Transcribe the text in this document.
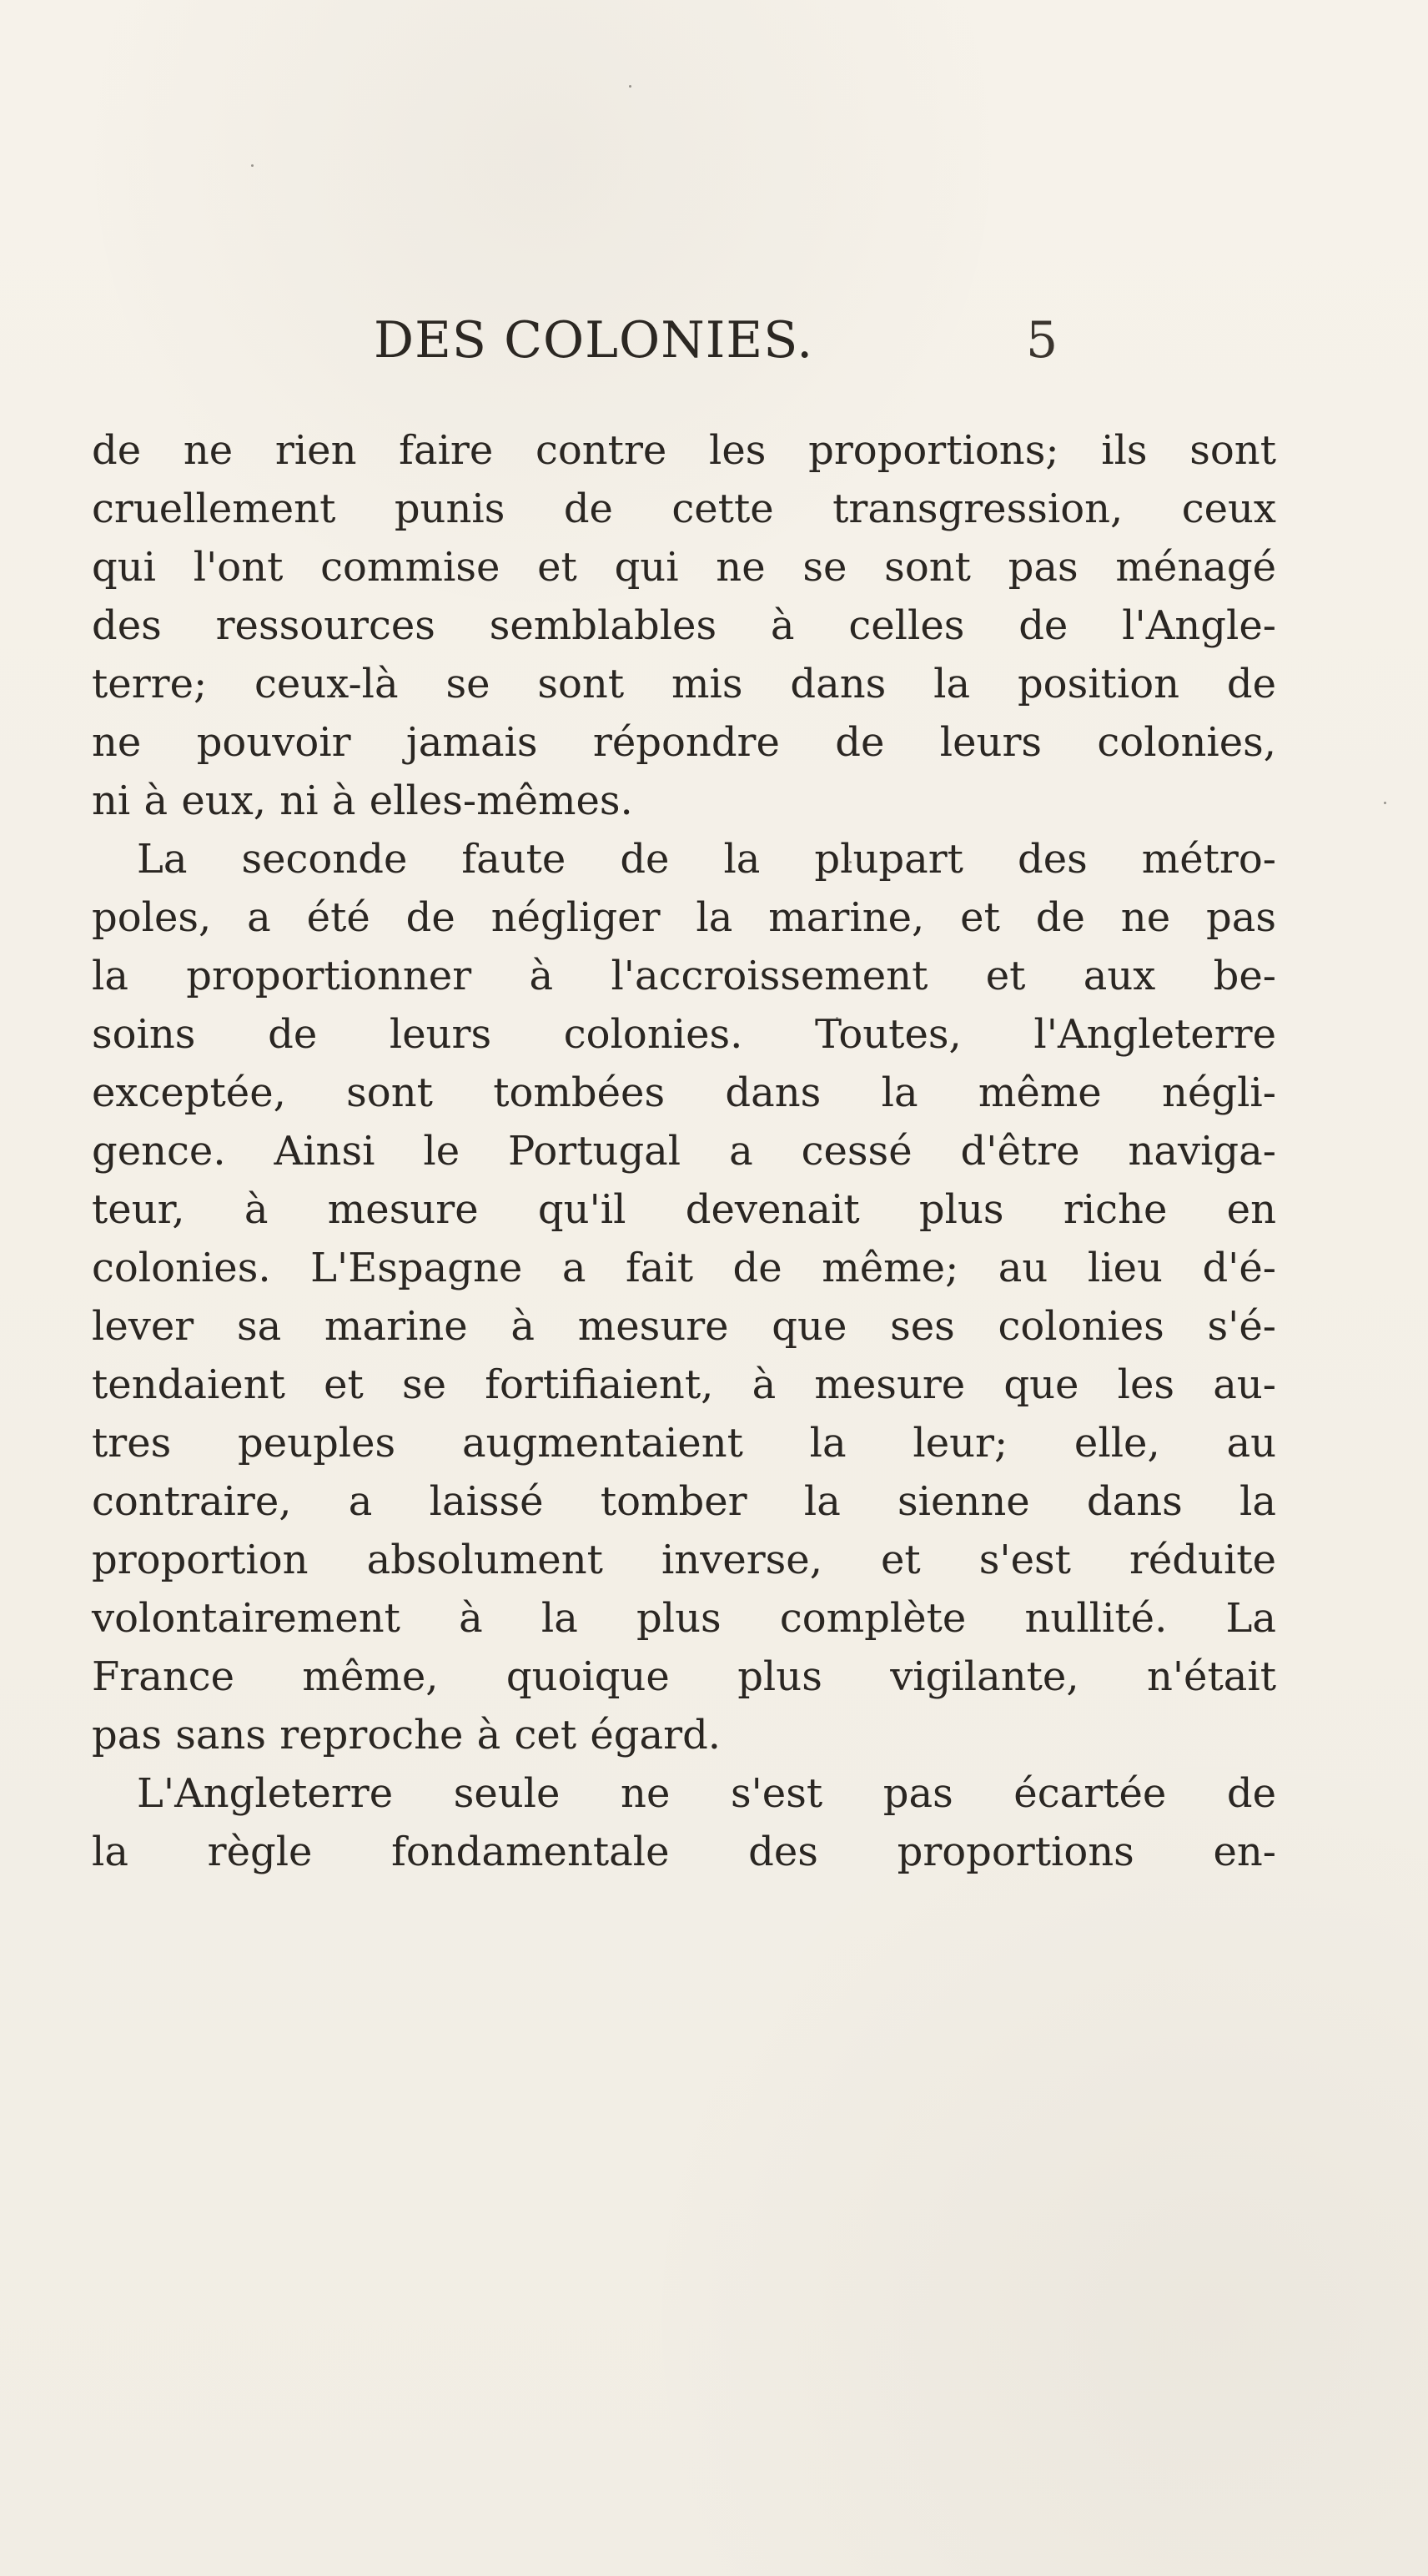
DES COLONIES.	5
de ne rien faire contre les proportions; ils sont
cruellement punis de cette transgression, ceux
qui l'ont commise et qui ne se sont pas ménagé
des ressources semblables à celles de l'Angle-
terre; ceux-là se sont mis dans la position de
ne pouvoir jamais répondre de leurs colonies,
ni à eux, ni à elles-mêmes.
La seconde faute de la plupart des métro-
poles, a été de négliger la marine, et de ne pas
la proportionner à l'accroissement et aux be-
soins de leurs colonies. Toutes, l'Angleterre
exceptée, sont tombées dans la même négli-
gence. Ainsi le Portugal a cessé d'être naviga-
teur, à mesure qu'il devenait plus riche en
colonies. L'Espagne a fait de même; au lieu d'é-
lever sa marine à mesure que ses colonies s'é-
tendaient et se fortifiaient, à mesure que les au-
tres peuples augmentaient la leur; elle, au
contraire, a laissé tomber la sienne dans la
proportion absolument inverse, et s'est réduite
volontairement à la plus complète nullité. La
France même, quoique plus vigilante, n'était
pas sans reproche à cet égard.
L'Angleterre seule ne s'est pas écartée de
la règle fondamentale des proportions en-
